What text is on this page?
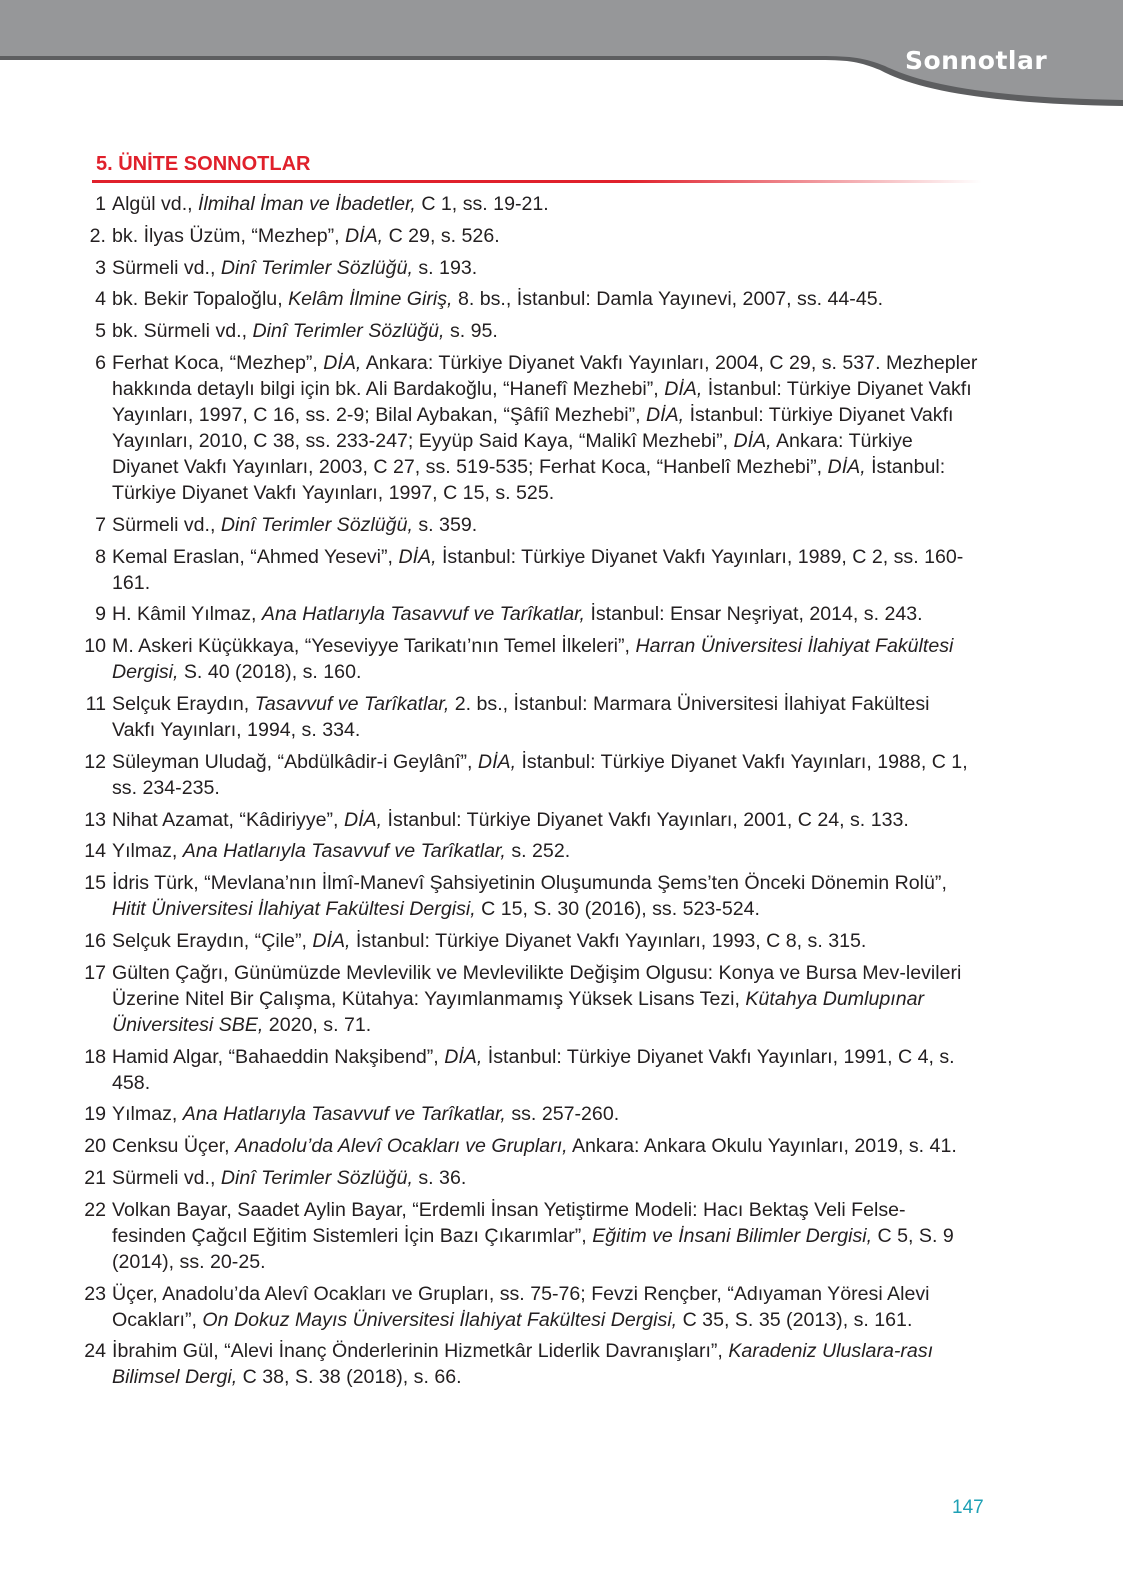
Sonnotlar
5. ÜNİTE SONNOTLAR
1 Algül vd., İlmihal İman ve İbadetler, C 1, ss. 19-21.
2. bk. İlyas Üzüm, “Mezhep”, DİA, C 29, s. 526.
3 Sürmeli vd., Dinî Terimler Sözlüğü, s. 193.
4 bk. Bekir Topaloğlu, Kelâm İlmine Giriş, 8. bs., İstanbul: Damla Yayınevi, 2007, ss. 44-45.
5 bk. Sürmeli vd., Dinî Terimler Sözlüğü, s. 95.
6 Ferhat Koca, “Mezhep”, DİA, Ankara: Türkiye Diyanet Vakfı Yayınları, 2004, C 29, s. 537. Mezhepler hakkında detaylı bilgi için bk. Ali Bardakoğlu, “Hanefî Mezhebi”, DİA, İstanbul: Türkiye Diyanet Vakfı Yayınları, 1997, C 16, ss. 2-9; Bilal Aybakan, “Şâfiî Mezhebi”, DİA, İstanbul: Türkiye Diyanet Vakfı Yayınları, 2010, C 38, ss. 233-247; Eyyüp Said Kaya, “Malikî Mezhebi”, DİA, Ankara: Türkiye Diyanet Vakfı Yayınları, 2003, C 27, ss. 519-535; Ferhat Koca, “Hanbelî Mezhebi”, DİA, İstanbul: Türkiye Diyanet Vakfı Yayınları, 1997, C 15, s. 525.
7 Sürmeli vd., Dinî Terimler Sözlüğü, s. 359.
8 Kemal Eraslan, “Ahmed Yesevi”, DİA, İstanbul: Türkiye Diyanet Vakfı Yayınları, 1989, C 2, ss. 160-161.
9 H. Kâmil Yılmaz, Ana Hatlarıyla Tasavvuf ve Tarîkatlar, İstanbul: Ensar Neşriyat, 2014, s. 243.
10 M. Askeri Küçükkaya, “Yeseviyye Tarikatı’nın Temel İlkeleri”, Harran Üniversitesi İlahiyat Fakültesi Dergisi, S. 40 (2018), s. 160.
11 Selçuk Eraydın, Tasavvuf ve Tarîkatlar, 2. bs., İstanbul: Marmara Üniversitesi İlahiyat Fakültesi Vakfı Yayınları, 1994, s. 334.
12 Süleyman Uludağ, “Abdülkâdir-i Geylânî”, DİA, İstanbul: Türkiye Diyanet Vakfı Yayınları, 1988, C 1, ss. 234-235.
13 Nihat Azamat, “Kâdiriyye”, DİA, İstanbul: Türkiye Diyanet Vakfı Yayınları, 2001, C 24, s. 133.
14 Yılmaz, Ana Hatlarıyla Tasavvuf ve Tarîkatlar, s. 252.
15 İdris Türk, “Mevlana’nın İlmî-Manevî Şahsiyetinin Oluşumunda Şems’ten Önceki Dönemin Rolü”, Hitit Üniversitesi İlahiyat Fakültesi Dergisi, C 15, S. 30 (2016), ss. 523-524.
16 Selçuk Eraydın, “Çile”, DİA, İstanbul: Türkiye Diyanet Vakfı Yayınları, 1993, C 8, s. 315.
17 Gülten Çağrı, Günümüzde Mevlevilik ve Mevlevilikte Değişim Olgusu: Konya ve Bursa Mev-levileri Üzerine Nitel Bir Çalışma, Kütahya: Yayımlanmamış Yüksek Lisans Tezi, Kütahya Dumlupınar Üniversitesi SBE, 2020, s. 71.
18 Hamid Algar, “Bahaeddin Nakşibend”, DİA, İstanbul: Türkiye Diyanet Vakfı Yayınları, 1991, C 4, s. 458.
19 Yılmaz, Ana Hatlarıyla Tasavvuf ve Tarîkatlar, ss. 257-260.
20 Cenksu Üçer, Anadolu’da Alevî Ocakları ve Grupları, Ankara: Ankara Okulu Yayınları, 2019, s. 41.
21 Sürmeli vd., Dinî Terimler Sözlüğü, s. 36.
22 Volkan Bayar, Saadet Aylin Bayar, “Erdemli İnsan Yetiştirme Modeli: Hacı Bektaş Veli Felse-fesinden Çağcıl Eğitim Sistemleri İçin Bazı Çıkarımlar”, Eğitim ve İnsani Bilimler Dergisi, C 5, S. 9 (2014), ss. 20-25.
23 Üçer, Anadolu’da Alevî Ocakları ve Grupları, ss. 75-76; Fevzi Rençber, “Adıyaman Yöresi Alevi Ocakları”, On Dokuz Mayıs Üniversitesi İlahiyat Fakültesi Dergisi, C 35, S. 35 (2013), s. 161.
24 İbrahim Gül, “Alevi İnanç Önderlerinin Hizmetkâr Liderlik Davranışları”, Karadeniz Uluslara-rası Bilimsel Dergi, C 38, S. 38 (2018), s. 66.
147
